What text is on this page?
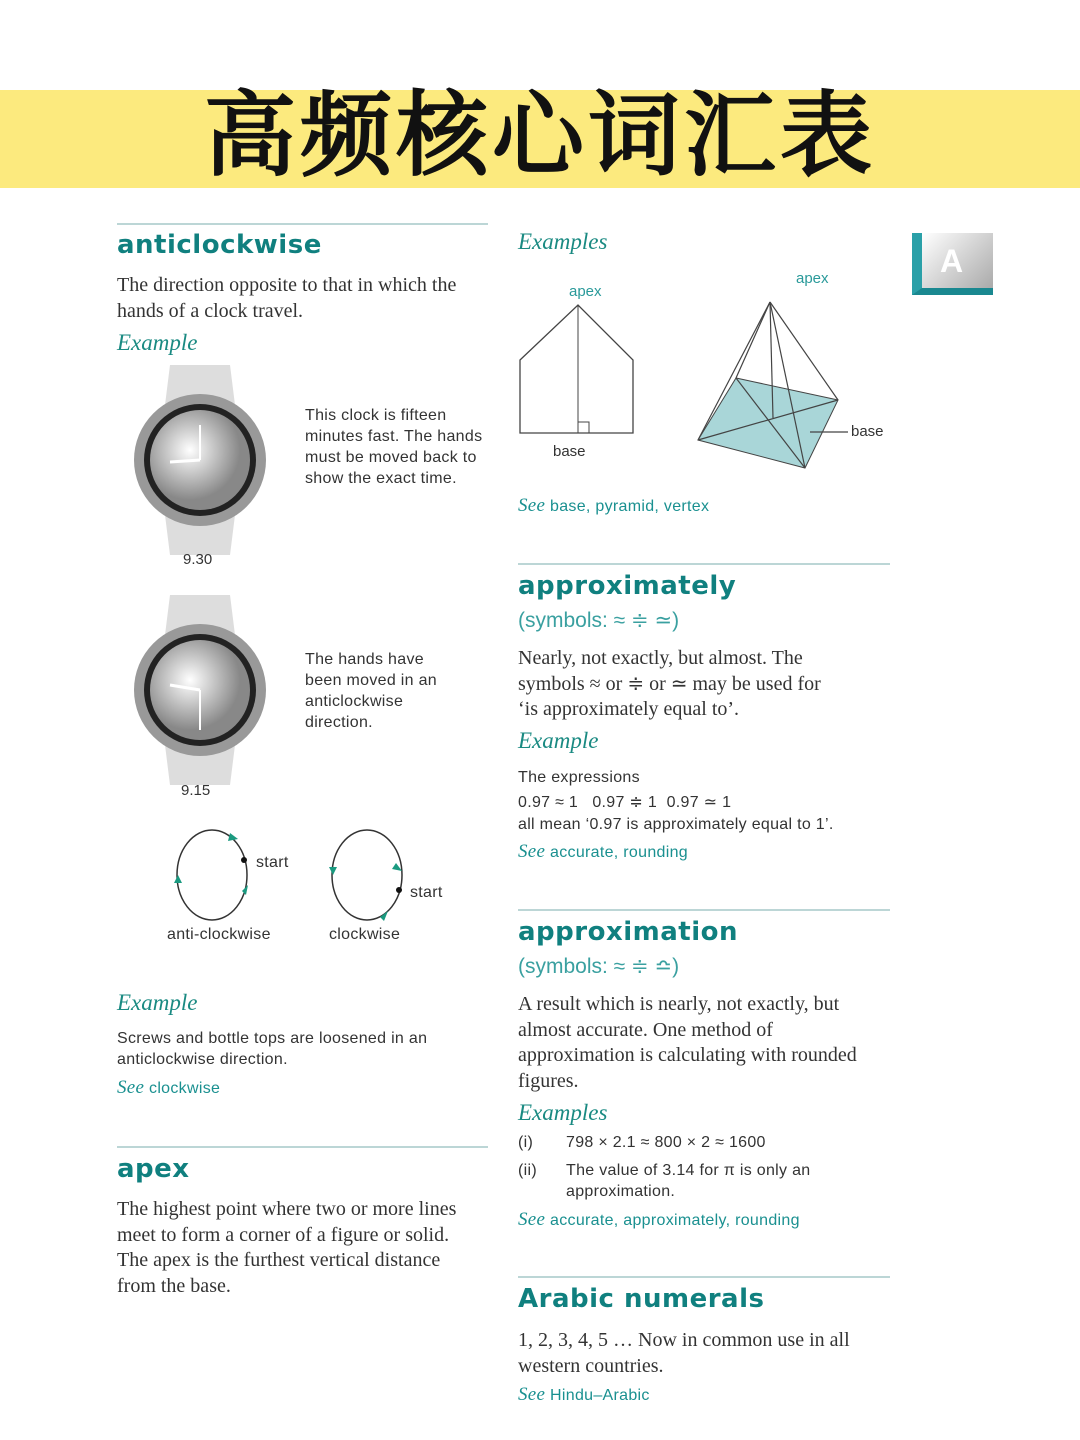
高频核心词汇表
A
anticlockwise
The direction opposite to that in which the hands of a clock travel.
Example
This clock is fifteen minutes fast. The hands must be moved back to show the exact time.
9.30
The hands have been moved in an anticlockwise direction.
9.15
start
start
anti-clockwise	clockwise
Example
Screws and bottle tops are loosened in an anticlockwise direction.
See clockwise
apex
The highest point where two or more lines meet to form a corner of a figure or solid. The apex is the furthest vertical distance from the base.
Examples
apex
base
apex
base
See base, pyramid, vertex
approximately
(symbols: ≈ ≑ ≃)
Nearly, not exactly, but almost. The symbols ≈ or ≑ or ≃ may be used for ‘is approximately equal to’.
Example
The expressions
0.97 ≈ 1   0.97 ≑ 1  0.97 ≃ 1
all mean ‘0.97 is approximately equal to 1’.
See accurate, rounding
approximation
(symbols: ≈ ≑ ≏)
A result which is nearly, not exactly, but almost accurate. One method of approximation is calculating with rounded figures.
Examples
(i) 798 × 2.1 ≈ 800 × 2 ≈ 1600
(ii) The value of 3.14 for π is only an approximation.
See accurate, approximately, rounding
Arabic numerals
1, 2, 3, 4, 5 … Now in common use in all western countries.
See Hindu–Arabic
